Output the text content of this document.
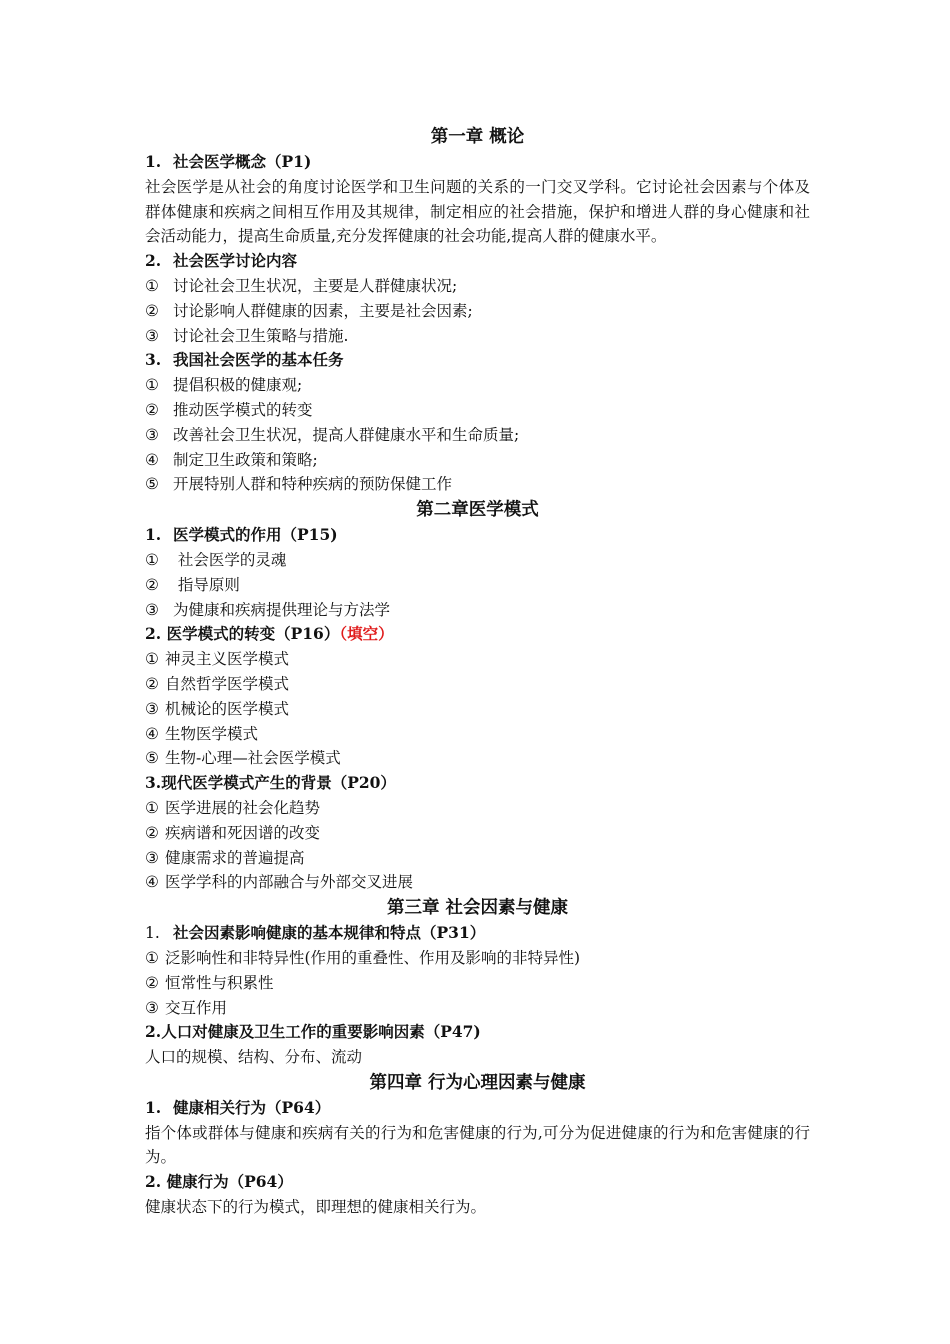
第一章 概论
1. 社会医学概念（P1)
社会医学是从社会的角度讨论医学和卫生问题的关系的一门交叉学科。它讨论社会因素与个体及群体健康和疾病之间相互作用及其规律，制定相应的社会措施，保护和增进人群的身心健康和社会活动能力，提高生命质量,充分发挥健康的社会功能,提高人群的健康水平。
2. 社会医学讨论内容
① 讨论社会卫生状况，主要是人群健康状况;
② 讨论影响人群健康的因素，主要是社会因素;
③ 讨论社会卫生策略与措施.
3. 我国社会医学的基本任务
① 提倡积极的健康观;
② 推动医学模式的转变
③ 改善社会卫生状况，提高人群健康水平和生命质量;
④ 制定卫生政策和策略;
⑤ 开展特别人群和特种疾病的预防保健工作
第二章医学模式
1. 医学模式的作用（P15)
① 社会医学的灵魂
② 指导原则
③ 为健康和疾病提供理论与方法学
2. 医学模式的转变（P16）（填空）
① 神灵主义医学模式
② 自然哲学医学模式
③ 机械论的医学模式
④ 生物医学模式
⑤ 生物-心理—社会医学模式
3.现代医学模式产生的背景（P20）
① 医学进展的社会化趋势
② 疾病谱和死因谱的改变
③ 健康需求的普遍提高
④ 医学学科的内部融合与外部交叉进展
第三章 社会因素与健康
1. 社会因素影响健康的基本规律和特点（P31）
① 泛影响性和非特异性(作用的重叠性、作用及影响的非特异性)
② 恒常性与积累性
③ 交互作用
2.人口对健康及卫生工作的重要影响因素（P47)
人口的规模、结构、分布、流动
第四章 行为心理因素与健康
1. 健康相关行为（P64）
指个体或群体与健康和疾病有关的行为和危害健康的行为,可分为促进健康的行为和危害健康的行为。
2. 健康行为（P64）
健康状态下的行为模式，即理想的健康相关行为。
